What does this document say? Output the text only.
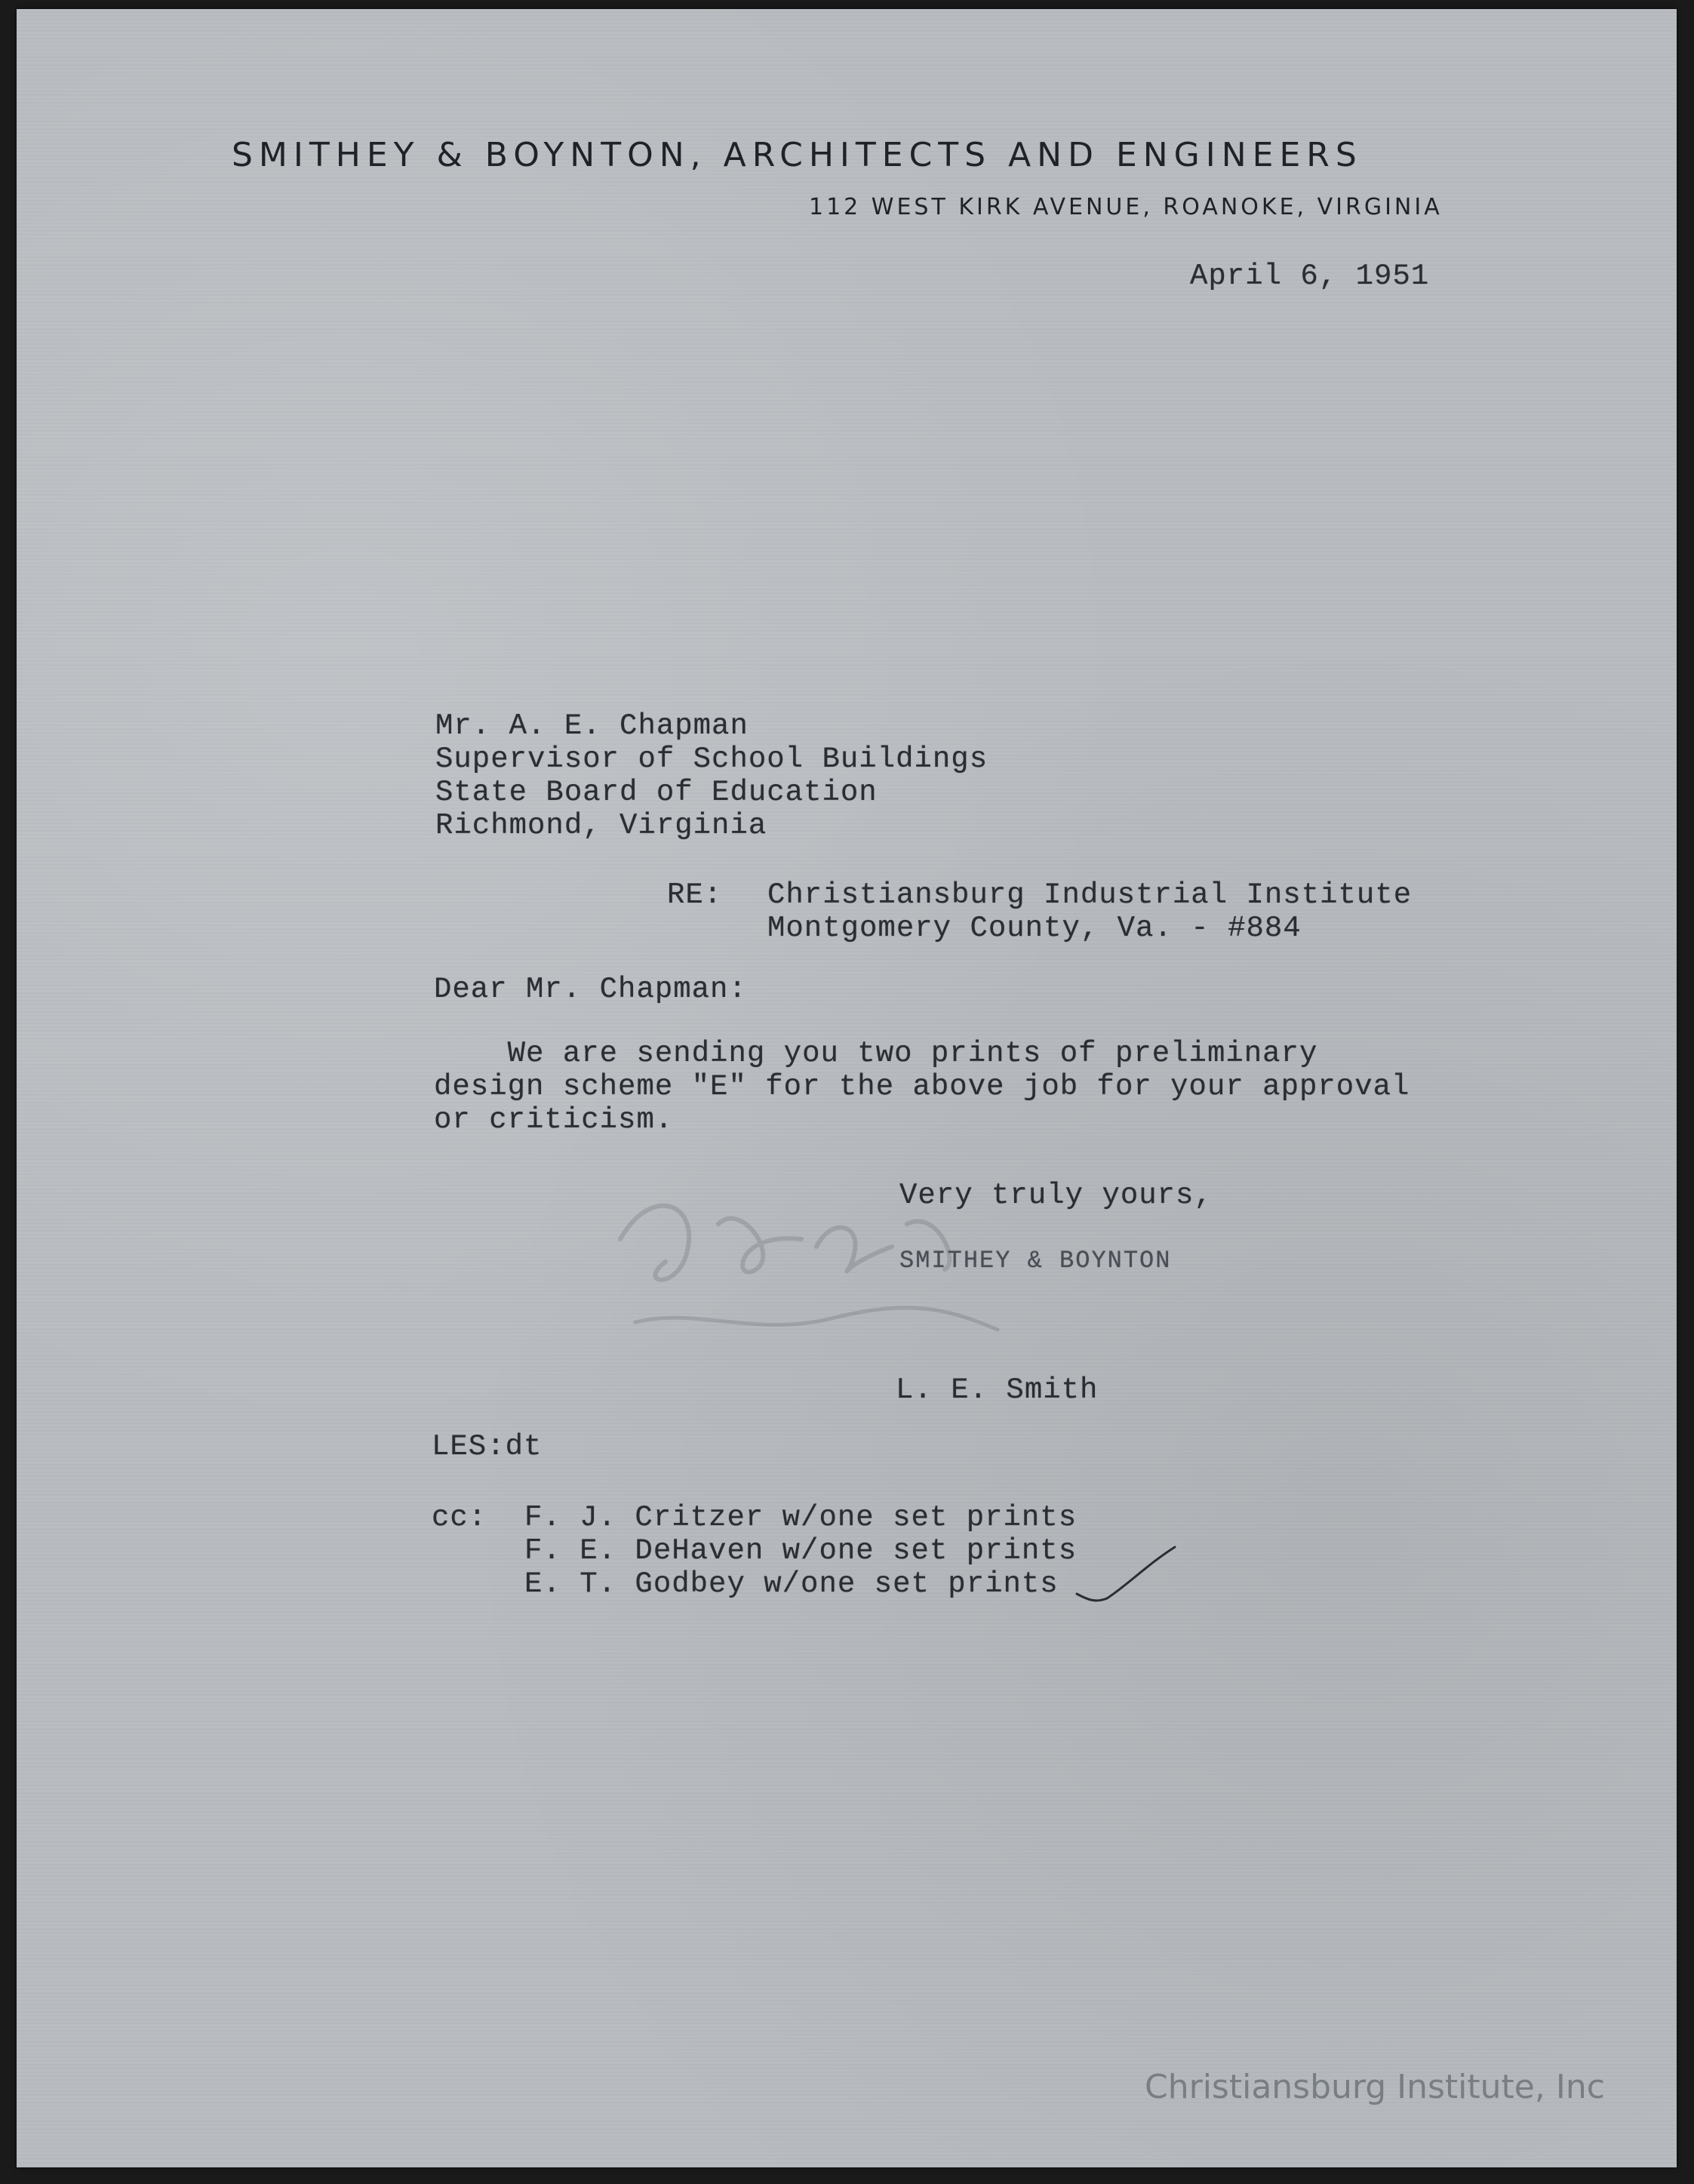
SMITHEY & BOYNTON, ARCHITECTS AND ENGINEERS
112 WEST KIRK AVENUE, ROANOKE, VIRGINIA
April 6, 1951
Mr. A. E. Chapman
Supervisor of School Buildings
State Board of Education
Richmond, Virginia
RE: Christiansburg Industrial Institute
Montgomery County, Va. - #884
Dear Mr. Chapman:
We are sending you two prints of preliminary
design scheme "E" for the above job for your approval
or criticism.
Very truly yours,
SMITHEY & BOYNTON
L. E. Smith
LES:dt
cc: F. J. Critzer w/one set prints
F. E. DeHaven w/one set prints
E. T. Godbey w/one set prints
Christiansburg Institute, Inc
